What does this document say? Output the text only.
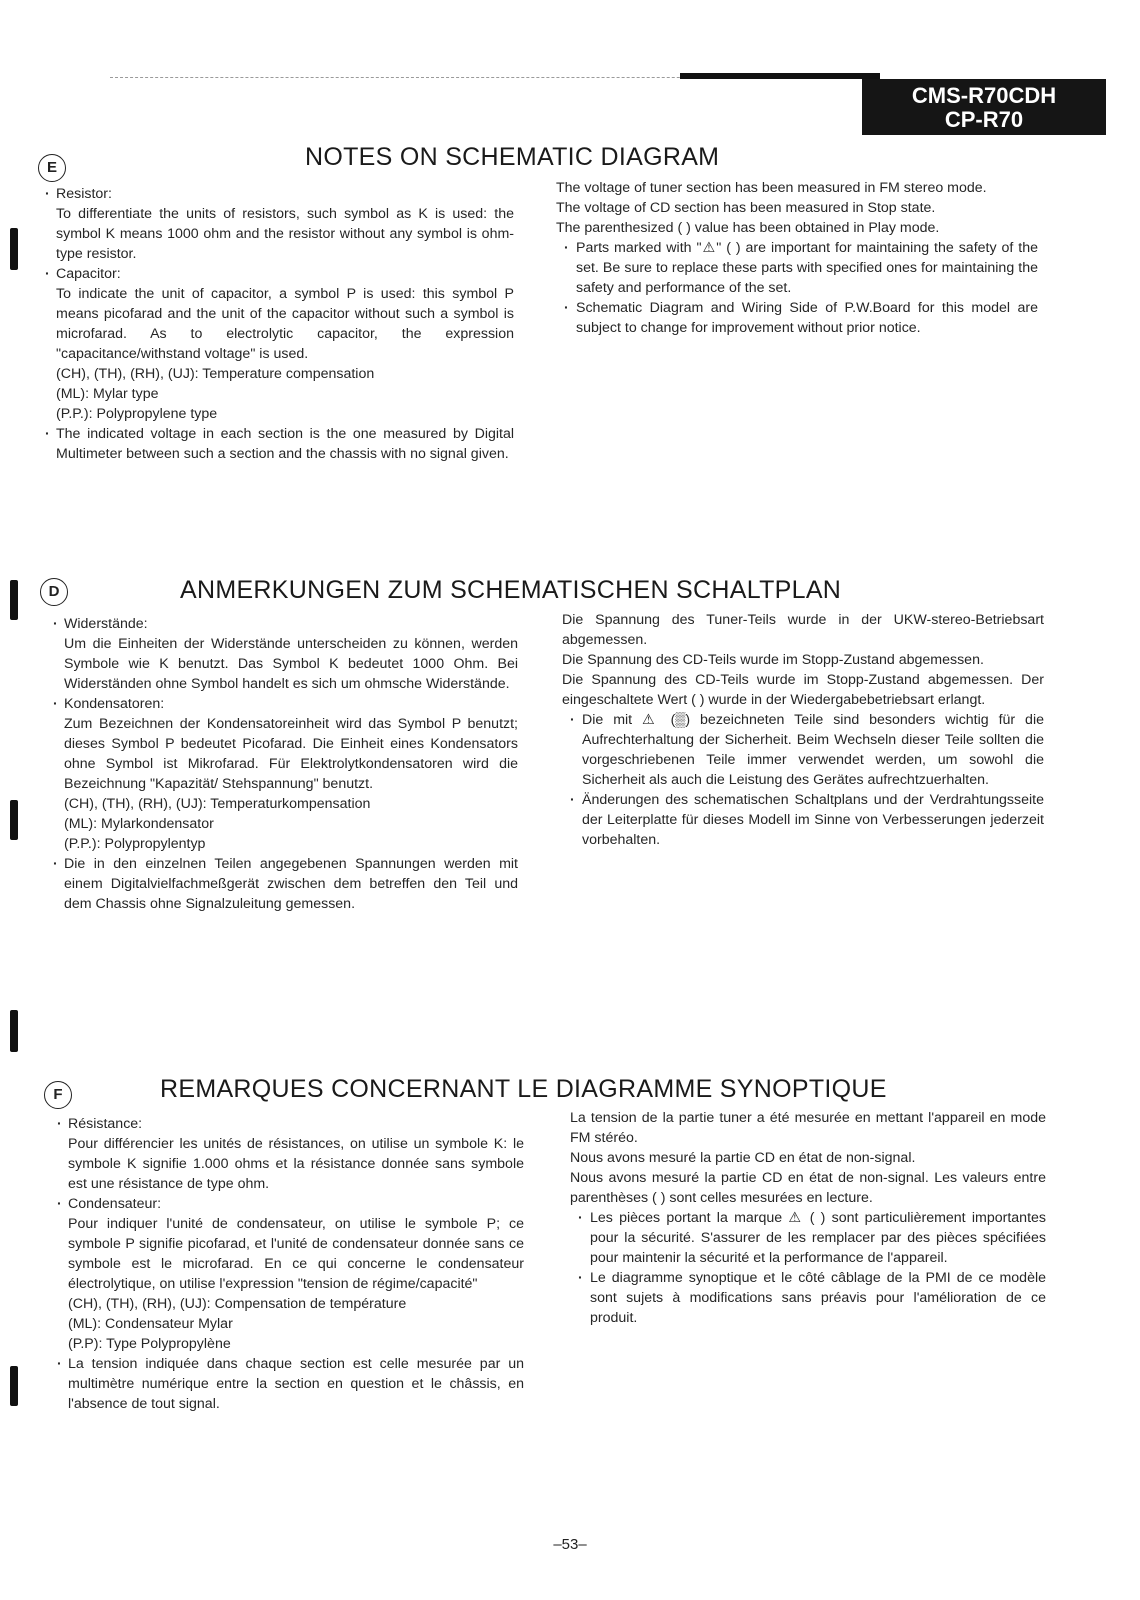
CMS-R70CDH
CP-R70
E	NOTES ON SCHEMATIC DIAGRAM

· Resistor:

To differentiate the units of resistors, such symbol as K is used: the symbol K means 1000 ohm and the resistor without any symbol is ohm-type resistor.

· Capacitor:

To indicate the unit of capacitor, a symbol P is used: this symbol P means picofarad and the unit of the capacitor without such a symbol is microfarad. As to electrolytic capacitor, the expression "capacitance/withstand voltage" is used.

(CH), (TH), (RH), (UJ): Temperature compensation

(ML): Mylar type

(P.P.): Polypropylene type

· The indicated voltage in each section is the one measured by Digital Multimeter between such a section and the chassis with no signal given.

The voltage of tuner section has been measured in FM stereo mode.

The voltage of CD section has been measured in Stop state.

The parenthesized ( ) value has been obtained in Play mode.

· Parts marked with "⚠" ( ) are important for maintaining the safety of the set. Be sure to replace these parts with specified ones for maintaining the safety and performance of the set.

· Schematic Diagram and Wiring Side of P.W.Board for this model are subject to change for improvement without prior notice.

D	ANMERKUNGEN ZUM SCHEMATISCHEN SCHALTPLAN

· Widerstände:

Um die Einheiten der Widerstände unterscheiden zu können, werden Symbole wie K benutzt. Das Symbol K bedeutet 1000 Ohm. Bei Widerständen ohne Symbol handelt es sich um ohmsche Widerstände.

· Kondensatoren:

Zum Bezeichnen der Kondensatoreinheit wird das Symbol P benutzt; dieses Symbol P bedeutet Picofarad. Die Einheit eines Kondensators ohne Symbol ist Mikrofarad. Für Elektrolytkondensatoren wird die Bezeichnung "Kapazität/ Stehspannung" benutzt.

(CH), (TH), (RH), (UJ): Temperaturkompensation

(ML): Mylarkondensator

(P.P.): Polypropylentyp

· Die in den einzelnen Teilen angegebenen Spannungen werden mit einem Digitalvielfachmeßgerät zwischen dem betreffen den Teil und dem Chassis ohne Signalzuleitung gemessen.

Die Spannung des Tuner-Teils wurde in der UKW-stereo-Betriebsart abgemessen.

Die Spannung des CD-Teils wurde im Stopp-Zustand abgemessen.

Die Spannung des CD-Teils wurde im Stopp-Zustand abgemessen. Der eingeschaltete Wert ( ) wurde in der Wiedergabebetriebsart erlangt.

· Die mit ⚠ (▒) bezeichneten Teile sind besonders wichtig für die Aufrechterhaltung der Sicherheit. Beim Wechseln dieser Teile sollten die vorgeschriebenen Teile immer verwendet werden, um sowohl die Sicherheit als auch die Leistung des Gerätes aufrechtzuerhalten.

· Änderungen des schematischen Schaltplans und der Verdrahtungsseite der Leiterplatte für dieses Modell im Sinne von Verbesserungen jederzeit vorbehalten.

F	REMARQUES CONCERNANT LE DIAGRAMME SYNOPTIQUE

· Résistance:

Pour différencier les unités de résistances, on utilise un symbole K: le symbole K signifie 1.000 ohms et la résistance donnée sans symbole est une résistance de type ohm.

· Condensateur:

Pour indiquer l'unité de condensateur, on utilise le symbole P; ce symbole P signifie picofarad, et l'unité de condensateur donnée sans ce symbole est le microfarad. En ce qui concerne le condensateur électrolytique, on utilise l'expression "tension de régime/capacité"

(CH), (TH), (RH), (UJ): Compensation de température

(ML): Condensateur Mylar

(P.P): Type Polypropylène

· La tension indiquée dans chaque section est celle mesurée par un multimètre numérique entre la section en question et le châssis, en l'absence de tout signal.

La tension de la partie tuner a été mesurée en mettant l'appareil en mode FM stéréo.

Nous avons mesuré la partie CD en état de non-signal.

Nous avons mesuré la partie CD en état de non-signal. Les valeurs entre parenthèses ( ) sont celles mesurées en lecture.

· Les pièces portant la marque ⚠ ( ) sont particulièrement importantes pour la sécurité. S'assurer de les remplacer par des pièces spécifiées pour maintenir la sécurité et la performance de l'appareil.

· Le diagramme synoptique et le côté câblage de la PMI de ce modèle sont sujets à modifications sans préavis pour l'amélioration de ce produit.

–53–
